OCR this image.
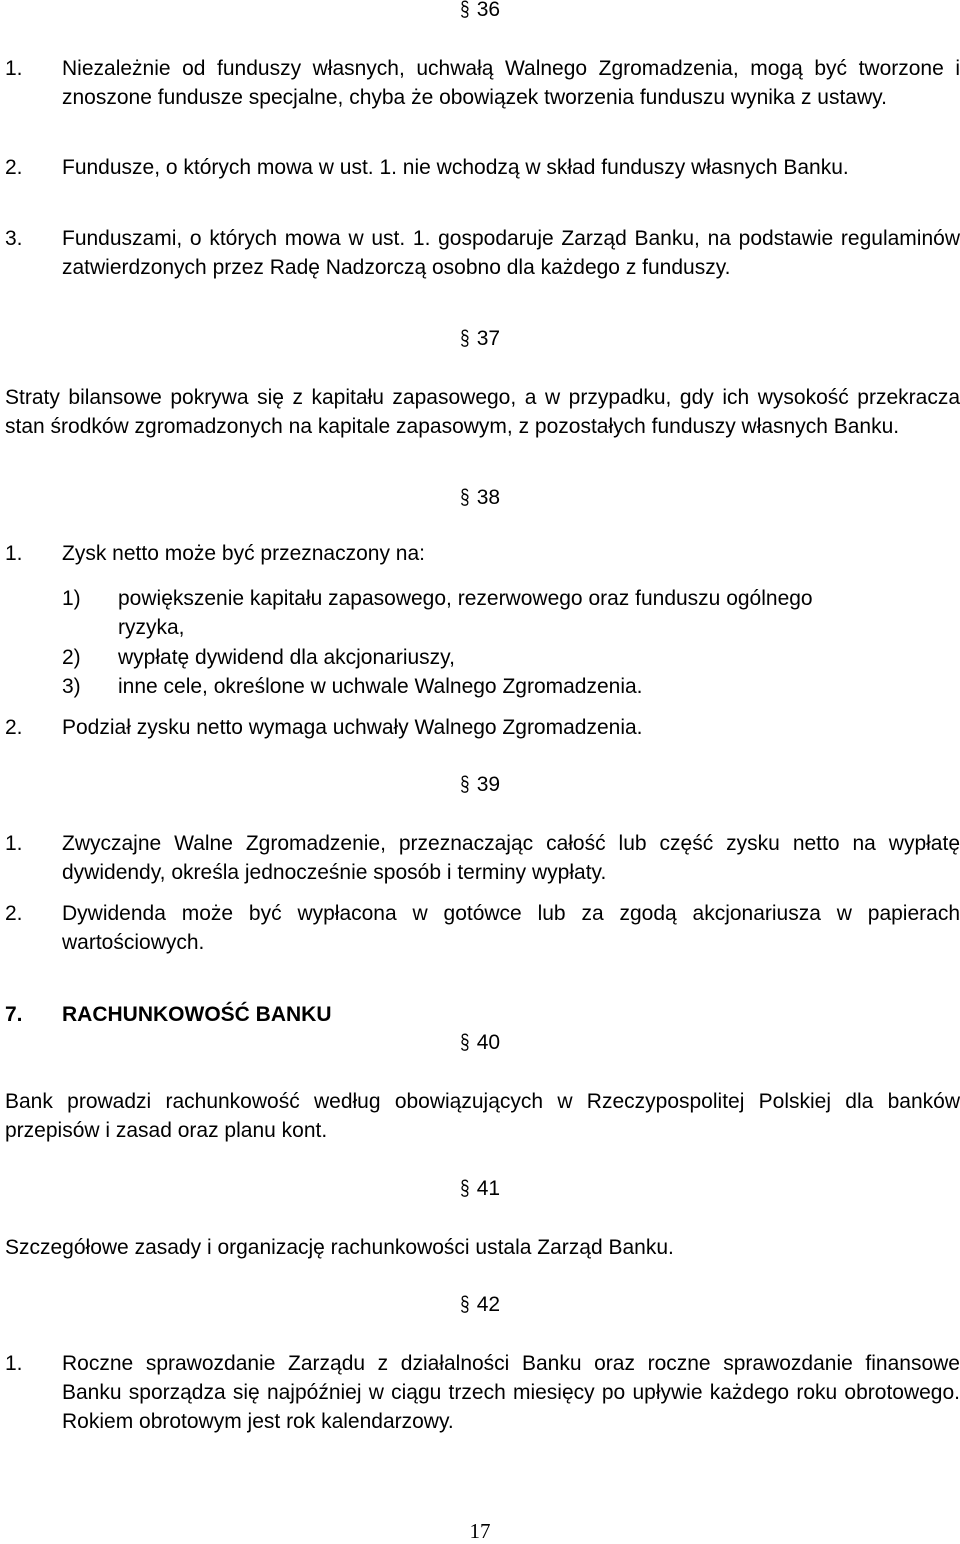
§ 36
1. Niezależnie od funduszy własnych, uchwałą Walnego Zgromadzenia, mogą być tworzone i znoszone fundusze specjalne, chyba że obowiązek tworzenia funduszu wynika z ustawy.
2. Fundusze, o których mowa w ust. 1. nie wchodzą w skład funduszy własnych Banku.
3. Funduszami, o których mowa w ust. 1. gospodaruje Zarząd Banku, na podstawie regulaminów zatwierdzonych przez Radę Nadzorczą osobno dla każdego z funduszy.
§ 37

Straty bilansowe pokrywa się z kapitału zapasowego, a w przypadku, gdy ich wysokość przekracza stan środków zgromadzonych na kapitale zapasowym, z pozostałych funduszy własnych Banku.

§ 38
1. Zysk netto może być przeznaczony na:
1) powiększenie kapitału zapasowego, rezerwowego oraz funduszu ogólnego
ryzyka,
2) wypłatę dywidend dla akcjonariuszy,
3) inne cele, określone w uchwale Walnego Zgromadzenia.
2. Podział zysku netto wymaga uchwały Walnego Zgromadzenia.
§ 39
1. Zwyczajne Walne Zgromadzenie, przeznaczając całość lub część zysku netto na wypłatę dywidendy, określa jednocześnie sposób i terminy wypłaty.
2. Dywidenda może być wypłacona w gotówce lub za zgodą akcjonariusza w papierach wartościowych.
7. RACHUNKOWOŚĆ BANKU
§ 40

Bank prowadzi rachunkowość według obowiązujących w Rzeczypospolitej Polskiej dla banków przepisów i zasad oraz planu kont.

§ 41

Szczegółowe zasady i organizację rachunkowości ustala Zarząd Banku.

§ 42
1. Roczne sprawozdanie Zarządu z działalności Banku oraz roczne sprawozdanie finansowe Banku sporządza się najpóźniej w ciągu trzech miesięcy po upływie każdego roku obrotowego. Rokiem obrotowym jest rok kalendarzowy.
17
